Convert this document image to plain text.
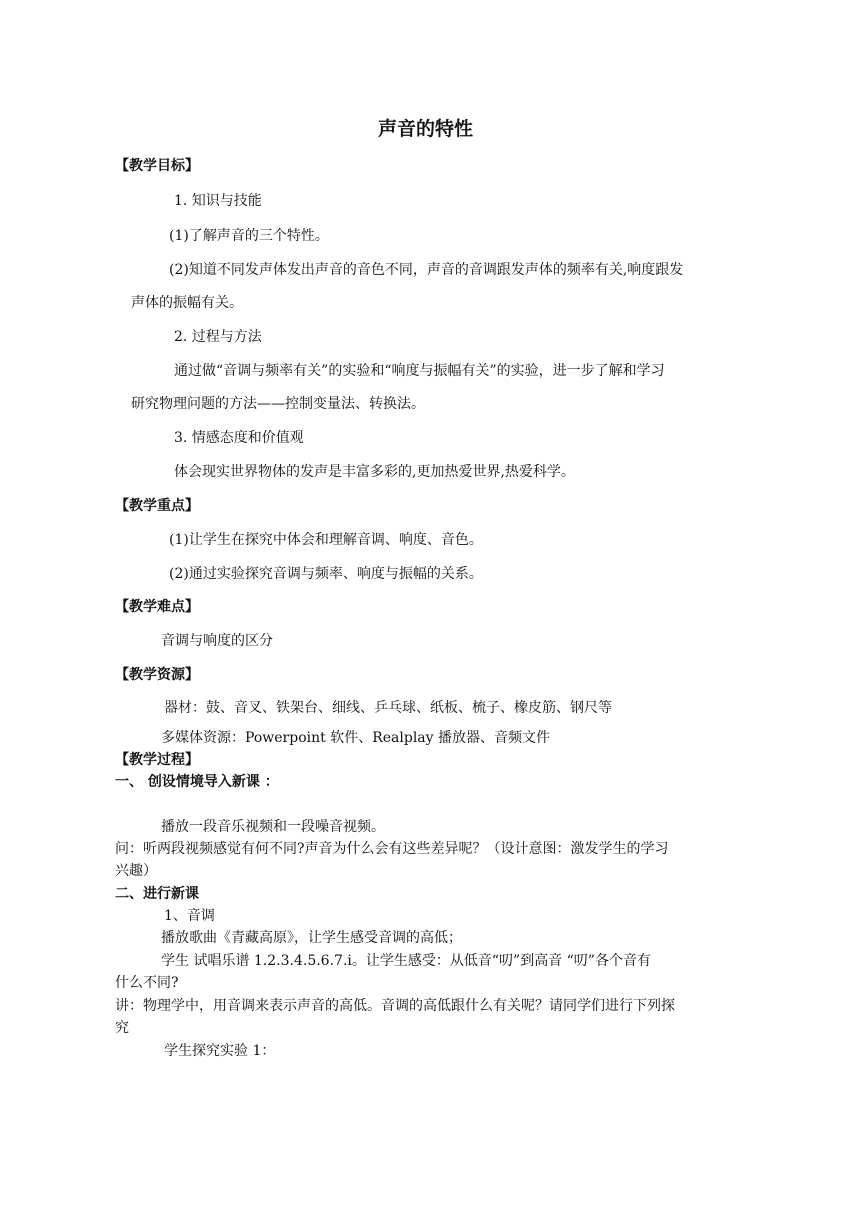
声音的特性
【教学目标】
1. 知识与技能
(1)了解声音的三个特性。
(2)知道不同发声体发出声音的音色不同，声音的音调跟发声体的频率有关,响度跟发
声体的振幅有关。
2. 过程与方法
通过做“音调与频率有关”的实验和“响度与振幅有关”的实验，进一步了解和学习
研究物理问题的方法——控制变量法、转换法。
3. 情感态度和价值观
体会现实世界物体的发声是丰富多彩的,更加热爱世界,热爱科学。
【教学重点】
(1)让学生在探究中体会和理解音调、响度、音色。
(2)通过实验探究音调与频率、响度与振幅的关系。
【教学难点】
音调与响度的区分
【教学资源】
器材：鼓、音叉、铁架台、细线、乒乓球、纸板、梳子、橡皮筋、钢尺等
多媒体资源：Powerpoint 软件、Realplay 播放器、音频文件
【教学过程】
一、 创设情境导入新课 ：
播放一段音乐视频和一段噪音视频。
问：听两段视频感觉有何不同?声音为什么会有这些差异呢？（设计意图：激发学生的学习
兴趣）
二、进行新课
1、音调
播放歌曲《青藏高原》，让学生感受音调的高低；
学生 试唱乐谱 1.2.3.4.5.6.7.i。让学生感受：从低音“叨”到高音 “叨”各个音有
什么不同?
讲：物理学中，用音调来表示声音的高低。音调的高低跟什么有关呢？请同学们进行下列探
究
学生探究实验 1：
